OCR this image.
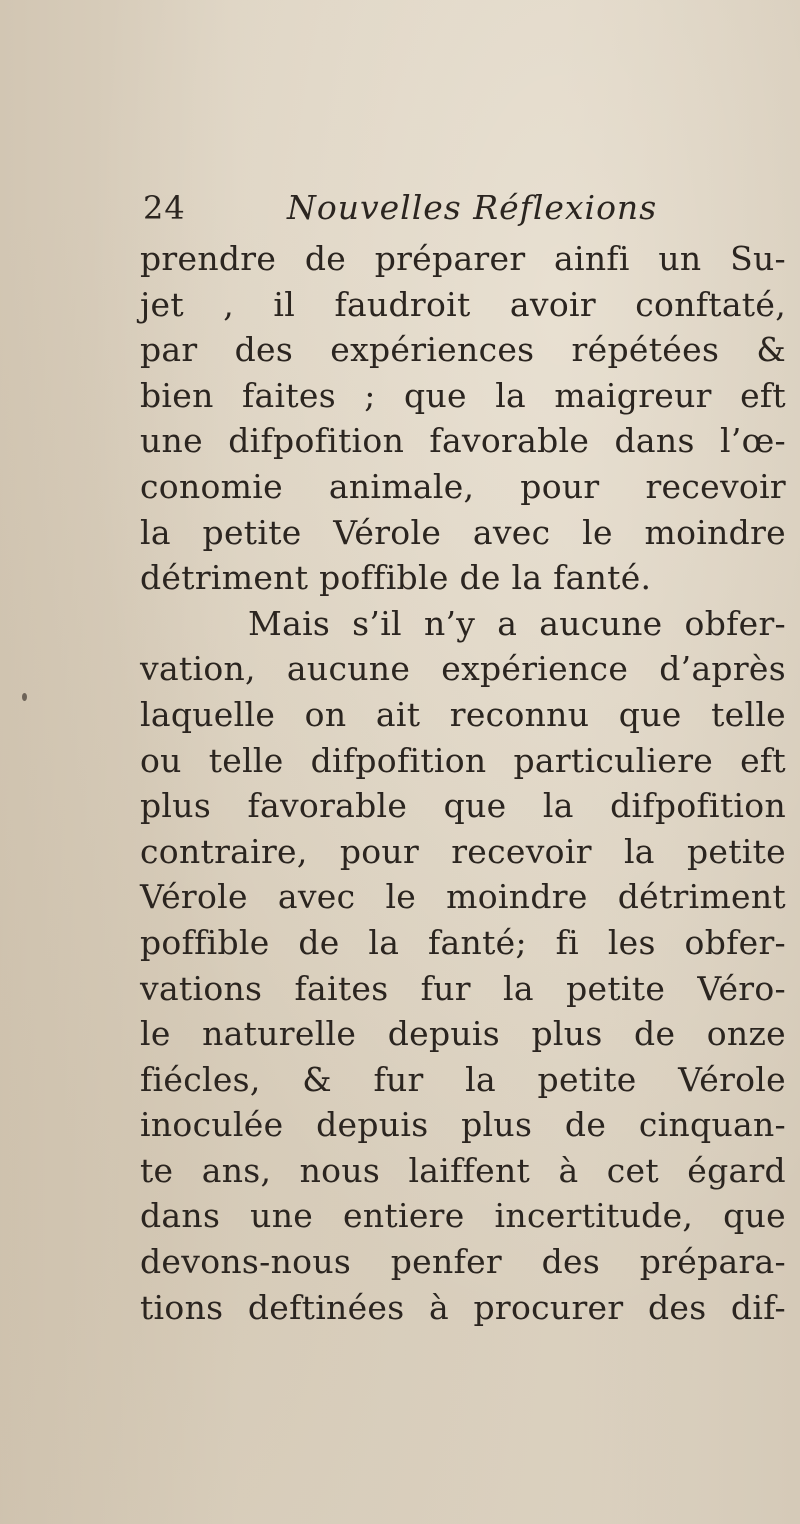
24	Nouvelles Réflexions
prendre de préparer ainfi un Su-
jet , il faudroit avoir conftaté,
par des expériences répétées &
bien faites ; que la maigreur eft
une difpofition favorable dans l’œ-
conomie animale, pour recevoir
la petite Vérole avec le moindre
détriment poffible de la fanté.
Mais s’il n’y a aucune obfer-
vation, aucune expérience d’après
laquelle on ait reconnu que telle
ou telle difpofition particuliere eft
plus favorable que la difpofition
contraire, pour recevoir la petite
Vérole avec le moindre détriment
poffible de la fanté; fi les obfer-
vations faites fur la petite Véro-
le naturelle depuis plus de onze
fiécles, & fur la petite Vérole
inoculée depuis plus de cinquan-
te ans, nous laiffent à cet égard
dans une entiere incertitude, que
devons-nous penfer des prépara-
tions deftinées à procurer des dif-
